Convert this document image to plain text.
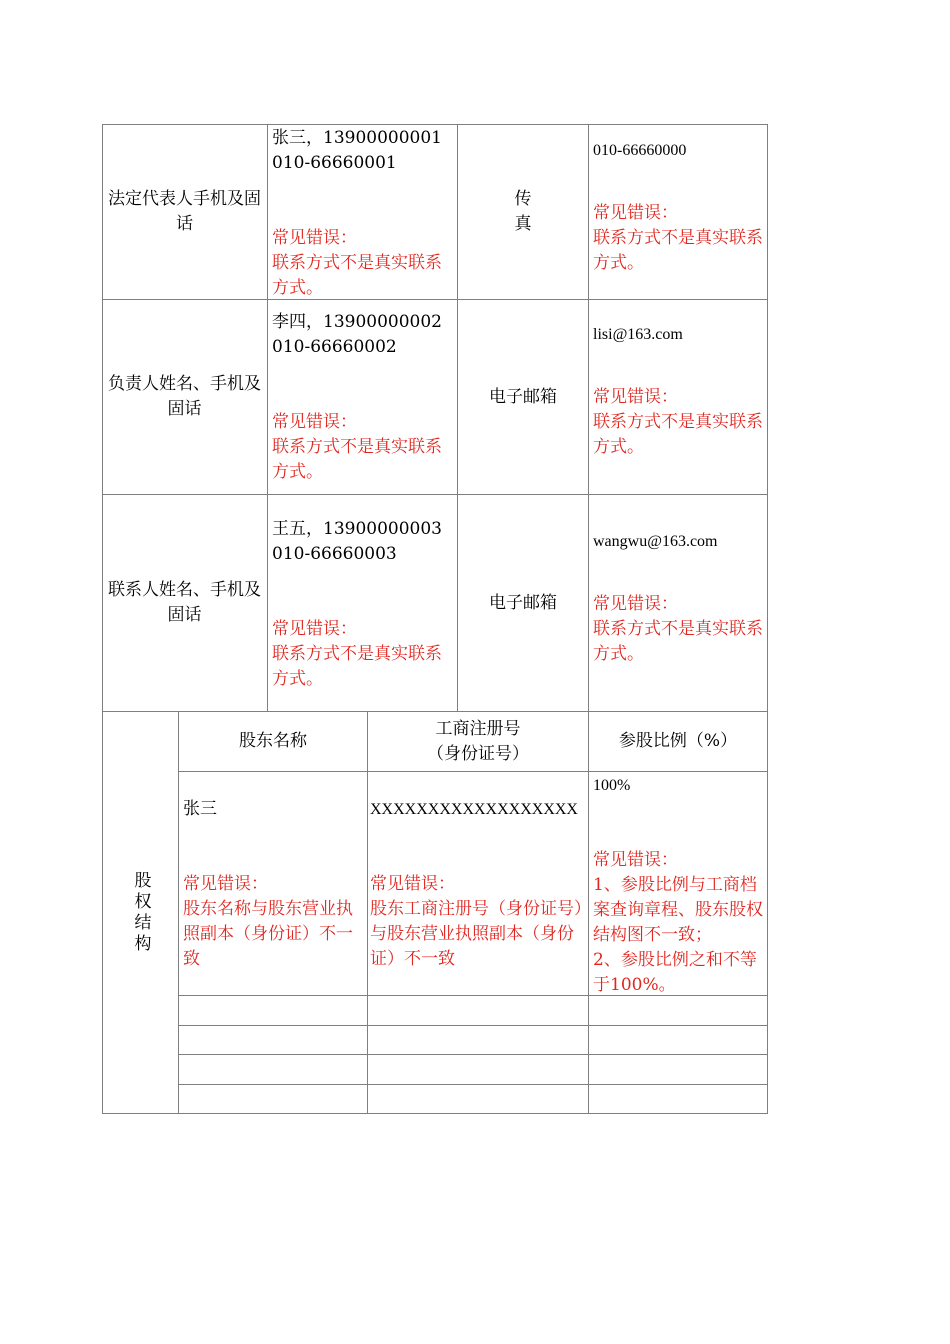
法定代表人手机及固话
张三，13900000001
010-66660001
常见错误：
联系方式不是真实联系方式。
传真
010-66660000
常见错误：
联系方式不是真实联系方式。
负责人姓名、手机及固话
李四，13900000002
010-66660002
常见错误：
联系方式不是真实联系方式。
电子邮箱
lisi@163.com
常见错误：
联系方式不是真实联系方式。
联系人姓名、手机及固话
王五，13900000003
010-66660003
常见错误：
联系方式不是真实联系方式。
电子邮箱
wangwu@163.com
常见错误：
联系方式不是真实联系方式。
股权结构
股东名称
工商注册号
（身份证号）
参股比例（%）
张三
常见错误：
股东名称与股东营业执照副本（身份证）不一致
XXXXXXXXXXXXXXXXXX
常见错误：
股东工商注册号（身份证号）与股东营业执照副本（身份证）不一致
100%
常见错误：
1、参股比例与工商档案查询章程、股东股权结构图不一致；
2、参股比例之和不等于100%。
